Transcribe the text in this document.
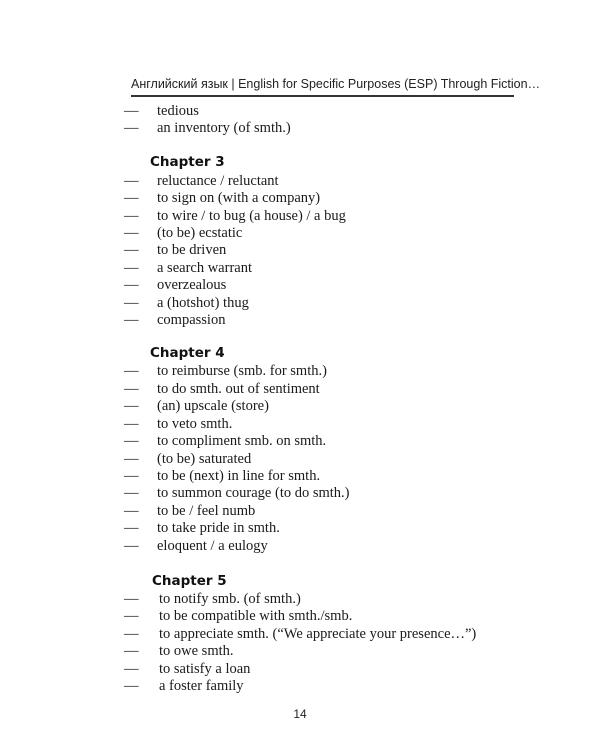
Английский язык | English for Specific Purposes (ESP) Through Fiction…
—	tedious
—	an inventory (of smth.)
Chapter 3
—	reluctance / reluctant
—	to sign on (with a company)
—	to wire / to bug (a house) / a bug
—	(to be) ecstatic
—	to be driven
—	a search warrant
—	overzealous
—	a (hotshot) thug
—	compassion
Chapter 4
—	to reimburse (smb. for smth.)
—	to do smth. out of sentiment
—	(an) upscale (store)
—	to veto smth.
—	to compliment smb. on smth.
—	(to be) saturated
—	to be (next) in line for smth.
—	to summon courage (to do smth.)
—	to be / feel numb
—	to take pride in smth.
—	eloquent / a eulogy
Chapter 5
—	to notify smb. (of smth.)
—	to be compatible with smth./smb.
—	to appreciate smth. (“We appreciate your presence…”)
—	to owe smth.
—	to satisfy a loan
—	a foster family
14
